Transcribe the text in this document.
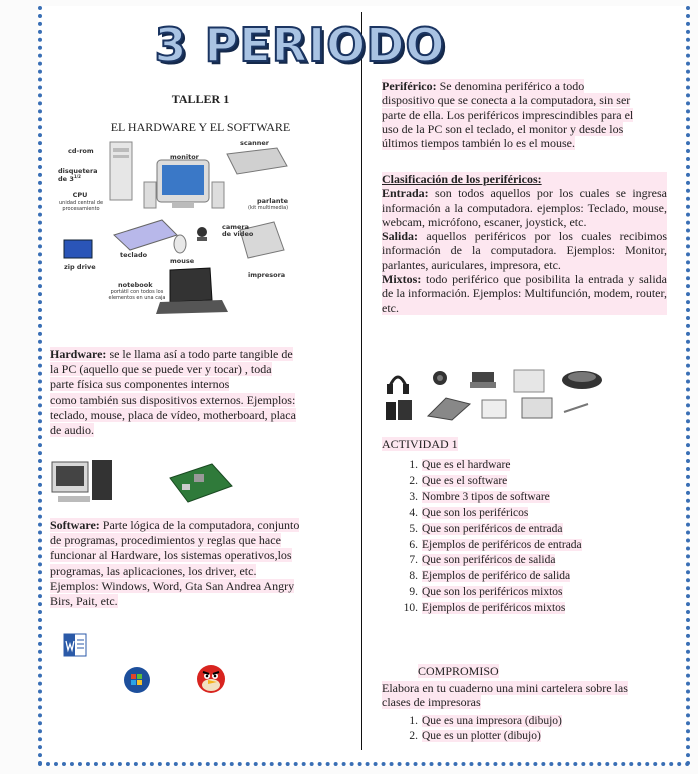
3 PERIODO
TALLER 1
EL HARDWARE Y EL SOFTWARE
cd-rom
disquetera de $3^{1/2}$
CPU
unidad central de procesamiento
monitor
scanner
parlante
(kit multimedia)
camera de video
teclado
mouse
zip drive
impresora
notebook
portátil con todos los elementos en una caja
Hardware: se le llama así a todo parte tangible de
la PC (aquello que se puede ver y tocar) , toda
parte física sus componentes internos
como también sus dispositivos externos. Ejemplos:
teclado, mouse, placa de vídeo, motherboard, placa
de audio.
Software: Parte lógica de la computadora, conjunto
de programas, procedimientos y reglas que hace
funcionar al Hardware, los sistemas operativos,los
programas, las aplicaciones, los driver, etc.
Ejemplos: Windows, Word, Gta San Andrea Angry
Birs, Pait, etc.
Periférico: Se denomina periférico a todo
dispositivo que se conecta a la computadora, sin ser
parte de ella. Los periféricos imprescindibles para el
uso de la PC son el teclado, el monitor y desde los
últimos tiempos también lo es el mouse.
Clasificación de los periféricos:
Entrada: son todos aquellos por los cuales se ingresa información a la computadora. ejemplos: Teclado, mouse, webcam, micrófono, escaner, joystick, etc.
Salida: aquellos periféricos por los cuales recibimos información de la computadora. Ejemplos: Monitor, parlantes, auriculares, impresora, etc.
Mixtos: todo periférico que posibilita la entrada y salida de la información. Ejemplos: Multifunción, modem, router, etc.
ACTIVIDAD 1
Que es el hardware
Que es el software
Nombre 3 tipos de software
Que son los periféricos
Que son periféricos de entrada
Ejemplos de periféricos de entrada
Que son periféricos de salida
Ejemplos de periférico de salida
Que son los periféricos mixtos
Ejemplos de periféricos mixtos
COMPROMISO
Elabora en tu cuaderno una mini cartelera sobre las
clases de impresoras
Que es una impresora (dibujo)
Que es un plotter (dibujo)
